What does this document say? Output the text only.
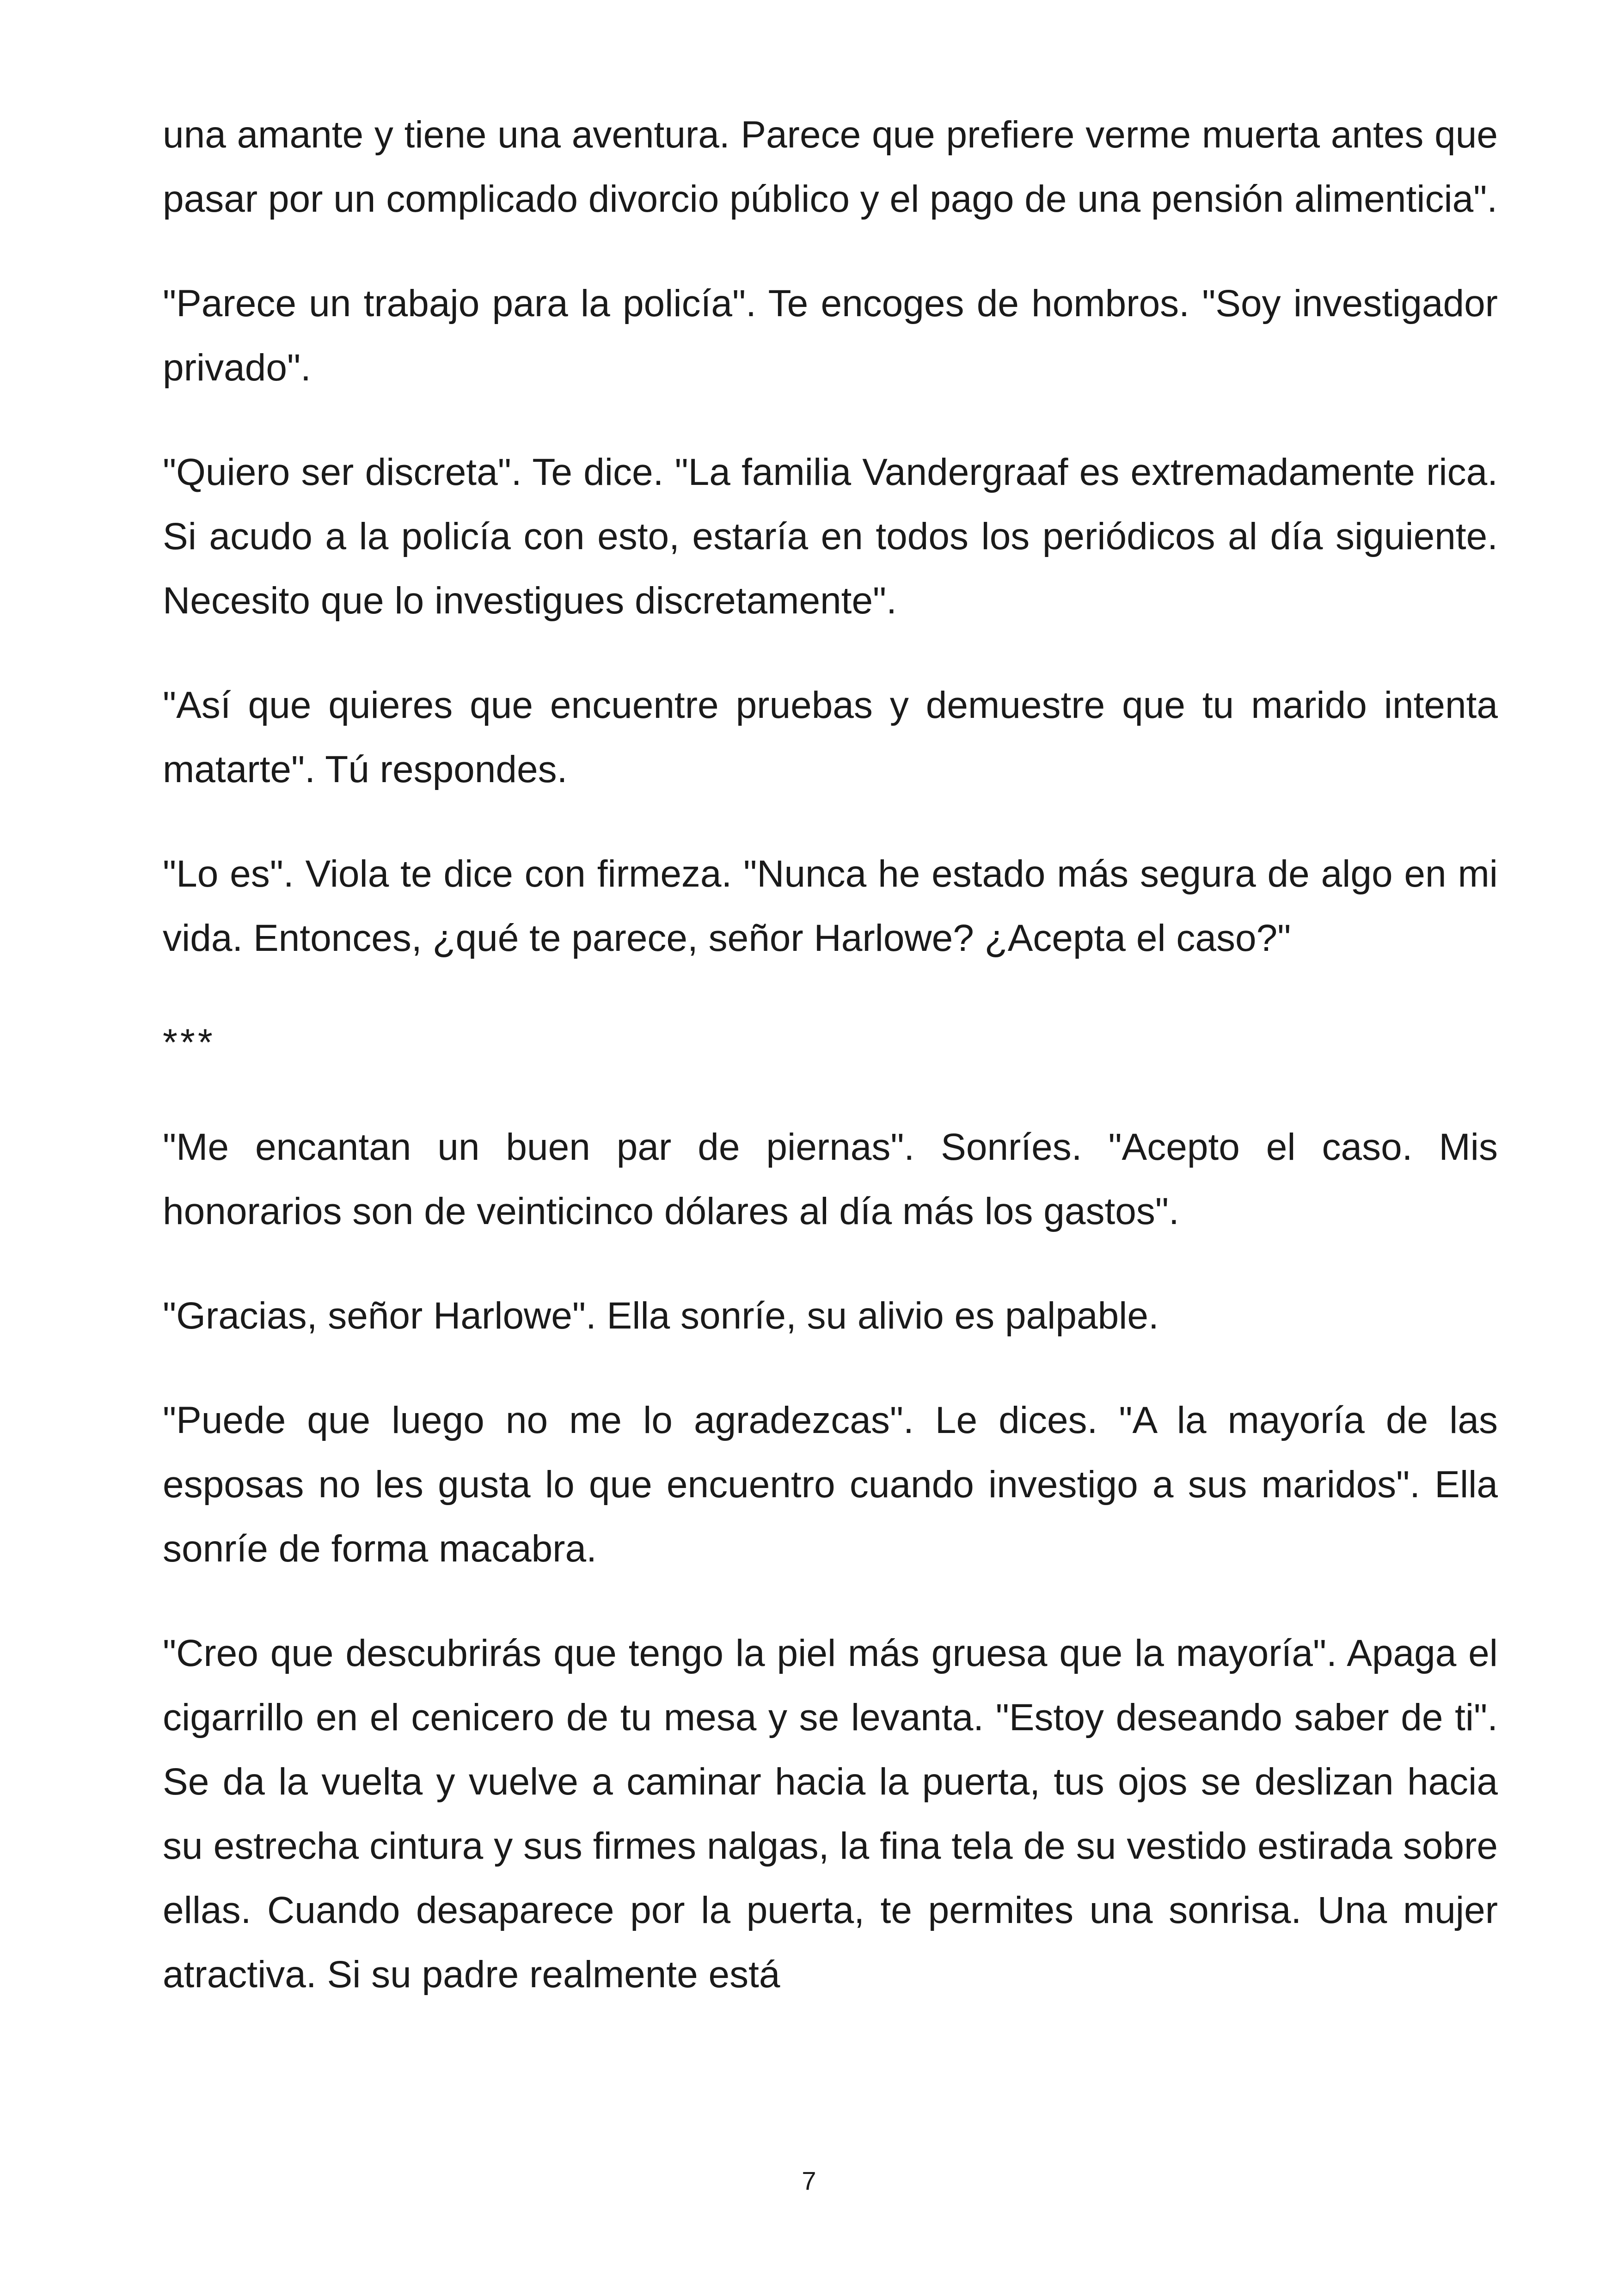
una amante y tiene una aventura. Parece que prefiere verme muerta antes que pasar por un complicado divorcio público y el pago de una pensión alimenticia".

"Parece un trabajo para la policía". Te encoges de hombros. "Soy investigador privado".

"Quiero ser discreta". Te dice. "La familia Vandergraaf es extremadamente rica. Si acudo a la policía con esto, estaría en todos los periódicos al día siguiente. Necesito que lo investigues discretamente".

"Así que quieres que encuentre pruebas y demuestre que tu marido intenta matarte". Tú respondes.

"Lo es". Viola te dice con firmeza. "Nunca he estado más segura de algo en mi vida. Entonces, ¿qué te parece, señor Harlowe? ¿Acepta el caso?"

***

"Me encantan un buen par de piernas". Sonríes. "Acepto el caso. Mis honorarios son de veinticinco dólares al día más los gastos".

"Gracias, señor Harlowe". Ella sonríe, su alivio es palpable.

"Puede que luego no me lo agradezcas". Le dices. "A la mayoría de las esposas no les gusta lo que encuentro cuando investigo a sus maridos". Ella sonríe de forma macabra.

"Creo que descubrirás que tengo la piel más gruesa que la mayoría". Apaga el cigarrillo en el cenicero de tu mesa y se levanta. "Estoy deseando saber de ti". Se da la vuelta y vuelve a caminar hacia la puerta, tus ojos se deslizan hacia su estrecha cintura y sus firmes nalgas, la fina tela de su vestido estirada sobre ellas. Cuando desaparece por la puerta, te permites una sonrisa. Una mujer atractiva. Si su padre realmente está

7
